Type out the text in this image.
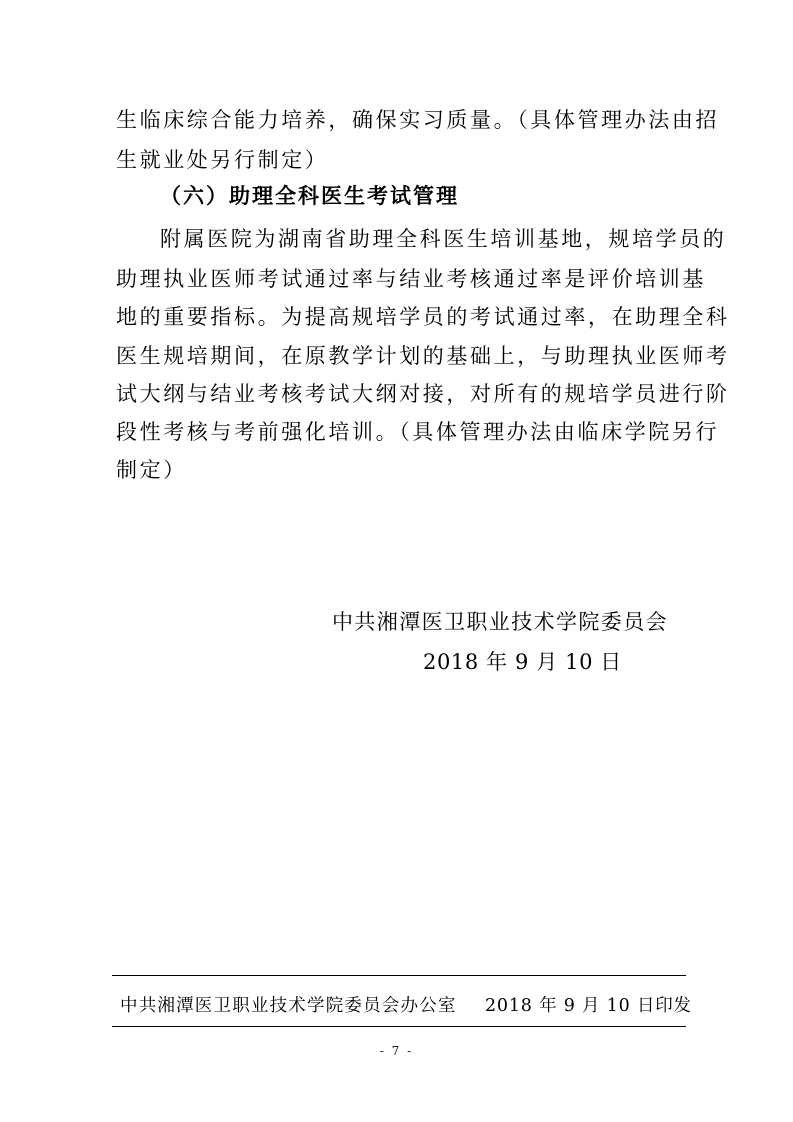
生临床综合能力培养，确保实习质量。（具体管理办法由招
生就业处另行制定）
（六）助理全科医生考试管理
附属医院为湖南省助理全科医生培训基地，规培学员的
助理执业医师考试通过率与结业考核通过率是评价培训基
地的重要指标。为提高规培学员的考试通过率，在助理全科
医生规培期间，在原教学计划的基础上，与助理执业医师考
试大纲与结业考核考试大纲对接，对所有的规培学员进行阶
段性考核与考前强化培训。（具体管理办法由临床学院另行
制定）
中共湘潭医卫职业技术学院委员会
2018 年 9 月 10 日
中共湘潭医卫职业技术学院委员会办公室 2018 年 9 月 10 日印发
- 7 -
